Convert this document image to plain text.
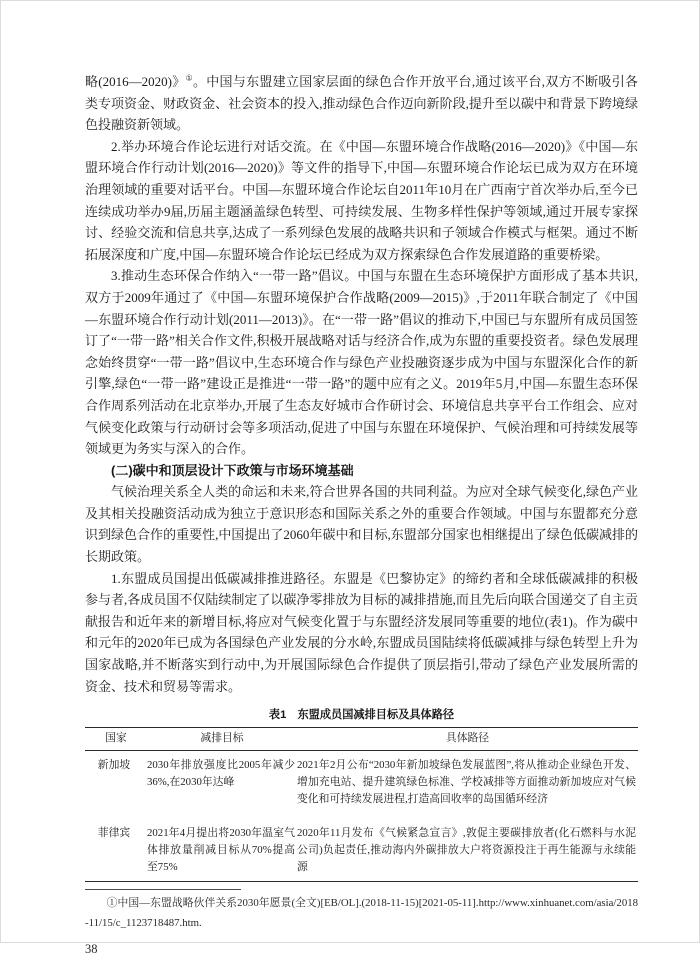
略(2016—2020)》①。中国与东盟建立国家层面的绿色合作开放平台,通过该平台,双方不断吸引各类专项资金、财政资金、社会资本的投入,推动绿色合作迈向新阶段,提升至以碳中和背景下跨境绿色投融资新领域。

2.举办环境合作论坛进行对话交流。在《中国—东盟环境合作战略(2016—2020)》《中国—东盟环境合作行动计划(2016—2020)》等文件的指导下,中国—东盟环境合作论坛已成为双方在环境治理领域的重要对话平台。中国—东盟环境合作论坛自2011年10月在广西南宁首次举办后,至今已连续成功举办9届,历届主题涵盖绿色转型、可持续发展、生物多样性保护等领域,通过开展专家探讨、经验交流和信息共享,达成了一系列绿色发展的战略共识和子领域合作模式与框架。通过不断拓展深度和广度,中国—东盟环境合作论坛已经成为双方探索绿色合作发展道路的重要桥梁。

3.推动生态环保合作纳入“一带一路”倡议。中国与东盟在生态环境保护方面形成了基本共识,双方于2009年通过了《中国—东盟环境保护合作战略(2009—2015)》,于2011年联合制定了《中国—东盟环境合作行动计划(2011—2013)》。在“一带一路”倡议的推动下,中国已与东盟所有成员国签订了“一带一路”相关合作文件,积极开展战略对话与经济合作,成为东盟的重要投资者。绿色发展理念始终贯穿“一带一路”倡议中,生态环境合作与绿色产业投融资逐步成为中国与东盟深化合作的新引擎,绿色“一带一路”建设正是推进“一带一路”的题中应有之义。2019年5月,中国—东盟生态环保合作周系列活动在北京举办,开展了生态友好城市合作研讨会、环境信息共享平台工作组会、应对气候变化政策与行动研讨会等多项活动,促进了中国与东盟在环境保护、气候治理和可持续发展等领域更为务实与深入的合作。

(二)碳中和顶层设计下政策与市场环境基础

气候治理关系全人类的命运和未来,符合世界各国的共同利益。为应对全球气候变化,绿色产业及其相关投融资活动成为独立于意识形态和国际关系之外的重要合作领域。中国与东盟都充分意识到绿色合作的重要性,中国提出了2060年碳中和目标,东盟部分国家也相继提出了绿色低碳减排的长期政策。

1.东盟成员国提出低碳减排推进路径。东盟是《巴黎协定》的缔约者和全球低碳减排的积极参与者,各成员国不仅陆续制定了以碳净零排放为目标的减排措施,而且先后向联合国递交了自主贡献报告和近年来的新增目标,将应对气候变化置于与东盟经济发展同等重要的地位(表1)。作为碳中和元年的2020年已成为各国绿色产业发展的分水岭,东盟成员国陆续将低碳减排与绿色转型上升为国家战略,并不断落实到行动中,为开展国际绿色合作提供了顶层指引,带动了绿色产业发展所需的资金、技术和贸易等需求。

表1 东盟成员国减排目标及具体路径
国家	减排目标	具体路径
新加坡	2030年排放强度比2005年减少36%,在2030年达峰	2021年2月公布“2030年新加坡绿色发展蓝图”,将从推动企业绿色开发、增加充电站、提升建筑绿色标准、学校减排等方面推动新加坡应对气候变化和可持续发展进程,打造高回收率的岛国循环经济
菲律宾	2021年4月提出将2030年温室气体排放量削减目标从70%提高至75%	2020年11月发布《气候紧急宣言》,敦促主要碳排放者(化石燃料与水泥公司)负起责任,推动海内外碳排放大户将资源投注于再生能源与永续能源

①中国—东盟战略伙伴关系2030年愿景(全文)[EB/OL].(2018-11-15)[2021-05-11].http://www.xinhuanet.com/asia/2018-11/15/c_1123718487.htm.

38
